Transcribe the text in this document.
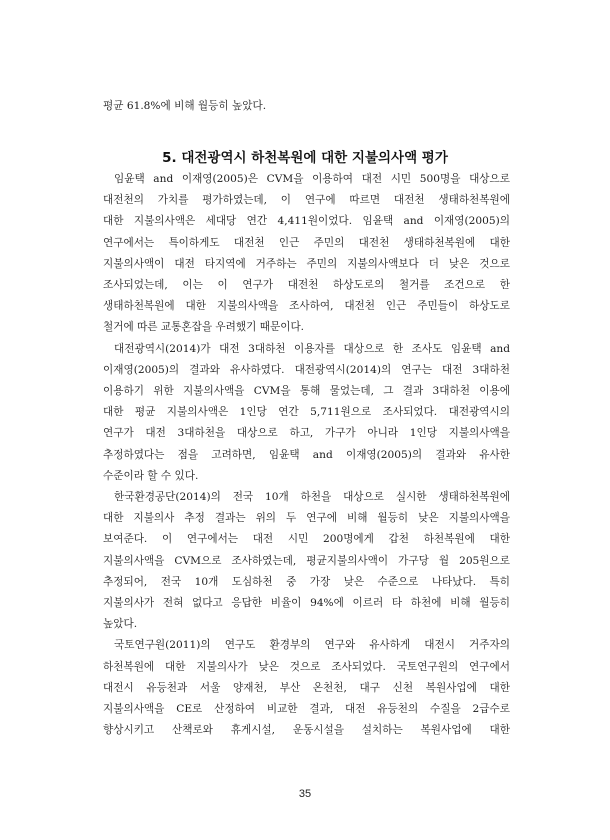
평균 61.8%에 비해 월등히 높았다.
5. 대전광역시 하천복원에 대한 지불의사액 평가
임윤택 and 이재영(2005)은 CVM을 이용하여 대전 시민 500명을 대상으로
대전천의 가치를 평가하였는데, 이 연구에 따르면 대전천 생태하천복원에
대한 지불의사액은 세대당 연간 4,411원이었다. 임윤택 and 이재영(2005)의
연구에서는 특이하게도 대전천 인근 주민의 대전천 생태하천복원에 대한
지불의사액이 대전 타지역에 거주하는 주민의 지불의사액보다 더 낮은 것으로
조사되었는데, 이는 이 연구가 대전천 하상도로의 철거를 조건으로 한
생태하천복원에 대한 지불의사액을 조사하여, 대전천 인근 주민들이 하상도로
철거에 따른 교통혼잡을 우려했기 때문이다.
대전광역시(2014)가 대전 3대하천 이용자를 대상으로 한 조사도 임윤택 and
이재영(2005)의 결과와 유사하였다. 대전광역시(2014)의 연구는 대전 3대하천
이용하기 위한 지불의사액을 CVM을 통해 물었는데, 그 결과 3대하천 이용에
대한 평균 지불의사액은 1인당 연간 5,711원으로 조사되었다. 대전광역시의
연구가 대전 3대하천을 대상으로 하고, 가구가 아니라 1인당 지불의사액을
추정하였다는 점을 고려하면, 임윤택 and 이재영(2005)의 결과와 유사한
수준이라 할 수 있다.
한국환경공단(2014)의 전국 10개 하천을 대상으로 실시한 생태하천복원에
대한 지불의사 추정 결과는 위의 두 연구에 비해 월등히 낮은 지불의사액을
보여준다. 이 연구에서는 대전 시민 200명에게 갑천 하천복원에 대한
지불의사액을 CVM으로 조사하였는데, 평균지불의사액이 가구당 월 205원으로
추정되어, 전국 10개 도심하천 중 가장 낮은 수준으로 나타났다. 특히
지불의사가 전혀 없다고 응답한 비율이 94%에 이르러 타 하천에 비해 월등히
높았다.
국토연구원(2011)의 연구도 환경부의 연구와 유사하게 대전시 거주자의
하천복원에 대한 지불의사가 낮은 것으로 조사되었다. 국토연구원의 연구에서
대전시 유등천과 서울 양재천, 부산 온천천, 대구 신천 복원사업에 대한
지불의사액을 CE로 산정하여 비교한 결과, 대전 유등천의 수질을 2급수로
향상시키고 산책로와 휴게시설, 운동시설을 설치하는 복원사업에 대한
35
